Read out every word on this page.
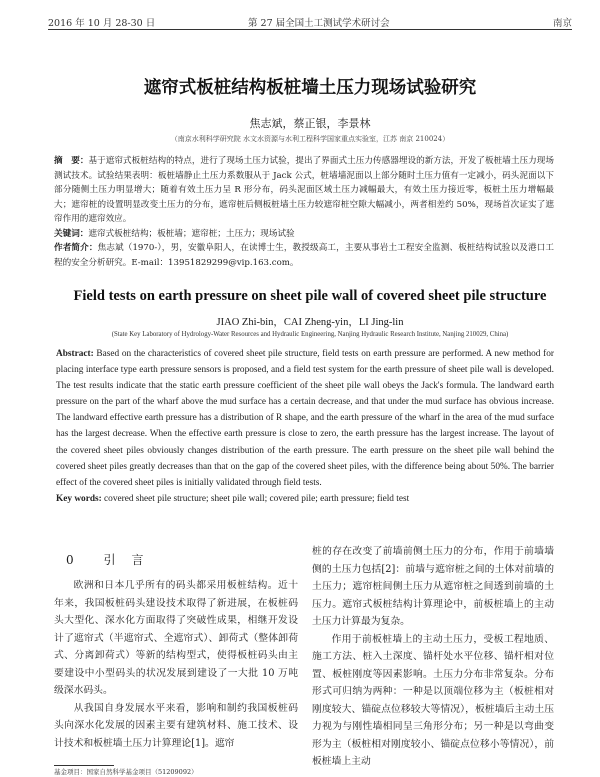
2016 年 10 月 28-30 日	第 27 届全国土工测试学术研讨会	南京
遮帘式板桩结构板桩墙土压力现场试验研究
焦志斌，蔡正银，李景林
（南京水利科学研究院 水文水资源与水利工程科学国家重点实验室，江苏 南京 210024）

摘　要：基于遮帘式板桩结构的特点，进行了现场土压力试验，提出了界面式土压力传感器埋设的新方法，开发了板桩墙土压力现场测试技术。试验结果表明：板桩墙静止土压力系数服从于 Jack 公式，桩墙墙泥面以上部分随时土压力值有一定减小，码头泥面以下部分随侧土压力明显增大；随着有效土压力呈 R 形分布，码头泥面区域土压力减幅最大，有效土压力接近零，板桩土压力增幅最大；遮帘桩的设置明显改变土压力的分布，遮帘桩后侧板桩墙土压力较遮帘桩空隙大幅减小，两者相差约 50%，现场首次证实了遮帘作用的遮帘效应。

关键词：遮帘式板桩结构；板桩墙；遮帘桩；土压力；现场试验

作者简介：焦志斌（1970-），男，安徽阜阳人，在读博士生，教授级高工，主要从事岩土工程安全监测、板桩结构试验以及港口工程的安全分析研究。E-mail：13951829299@vip.163.com。

Field tests on earth pressure on sheet pile wall of covered sheet pile structure
JIAO Zhi-bin，CAI Zheng-yin，LI Jing-lin
(State Key Laboratory of Hydrology-Water Resources and Hydraulic Engineering, Nanjing Hydraulic Research Institute, Nanjing 210029, China)

Abstract: Based on the characteristics of covered sheet pile structure, field tests on earth pressure are performed. A new method for placing interface type earth pressure sensors is proposed, and a field test system for the earth pressure of sheet pile wall is developed. The test results indicate that the static earth pressure coefficient of the sheet pile wall obeys the Jack's formula. The landward earth pressure on the part of the wharf above the mud surface has a certain decrease, and that under the mud surface has obvious increase. The landward effective earth pressure has a distribution of R shape, and the earth pressure of the wharf in the area of the mud surface has the largest decrease. When the effective earth pressure is close to zero, the earth pressure has the largest increase. The layout of the covered sheet piles obviously changes distribution of the earth pressure. The earth pressure on the sheet pile wall behind the covered sheet piles greatly decreases than that on the gap of the covered sheet piles, with the difference being about 50%. The barrier effect of the covered sheet piles is initially validated through field tests.

Key words: covered sheet pile structure; sheet pile wall; covered pile; earth pressure; field test

0 引　言

欧洲和日本几乎所有的码头都采用板桩结构。近十年来，我国板桩码头建设技术取得了新进展，在板桩码头大型化、深水化方面取得了突破性成果，相继开发设计了遮帘式（半遮帘式、全遮帘式）、卸荷式（整体卸荷式、分离卸荷式）等新的结构型式，使得板桩码头由主要建设中小型码头的状况发展到建设了一大批 10 万吨级深水码头。

从我国自身发展水平来看，影响和制约我国板桩码头向深水化发展的因素主要有建筑材料、施工技术、设计技术和板桩墙土压力计算理论[1]。遮帘

桩的存在改变了前墙前侧土压力的分布，作用于前墙墙侧的土压力包括[2]：前墙与遮帘桩之间的土体对前墙的土压力；遮帘桩间侧土压力从遮帘桩之间透到前墙的土压力。遮帘式板桩结构计算理论中，前板桩墙上的主动土压力计算最为复杂。

作用于前板桩墙上的主动土压力，受板工程地质、施工方法、桩入土深度、锚杆处水平位移、锚杆相对位置、板桩刚度等因素影响。土压力分布非常复杂。分布形式可归纳为两种：一种是以顶端位移为主（板桩相对刚度较大、锚碇点位移较大等情况），板桩墙后主动土压力视为与刚性墙相同呈三角形分布；另一种是以弯曲变形为主（板桩相对刚度较小、锚碇点位移小等情况），前板桩墙上主动

基金项目：国家自然科学基金项目（51209092）
